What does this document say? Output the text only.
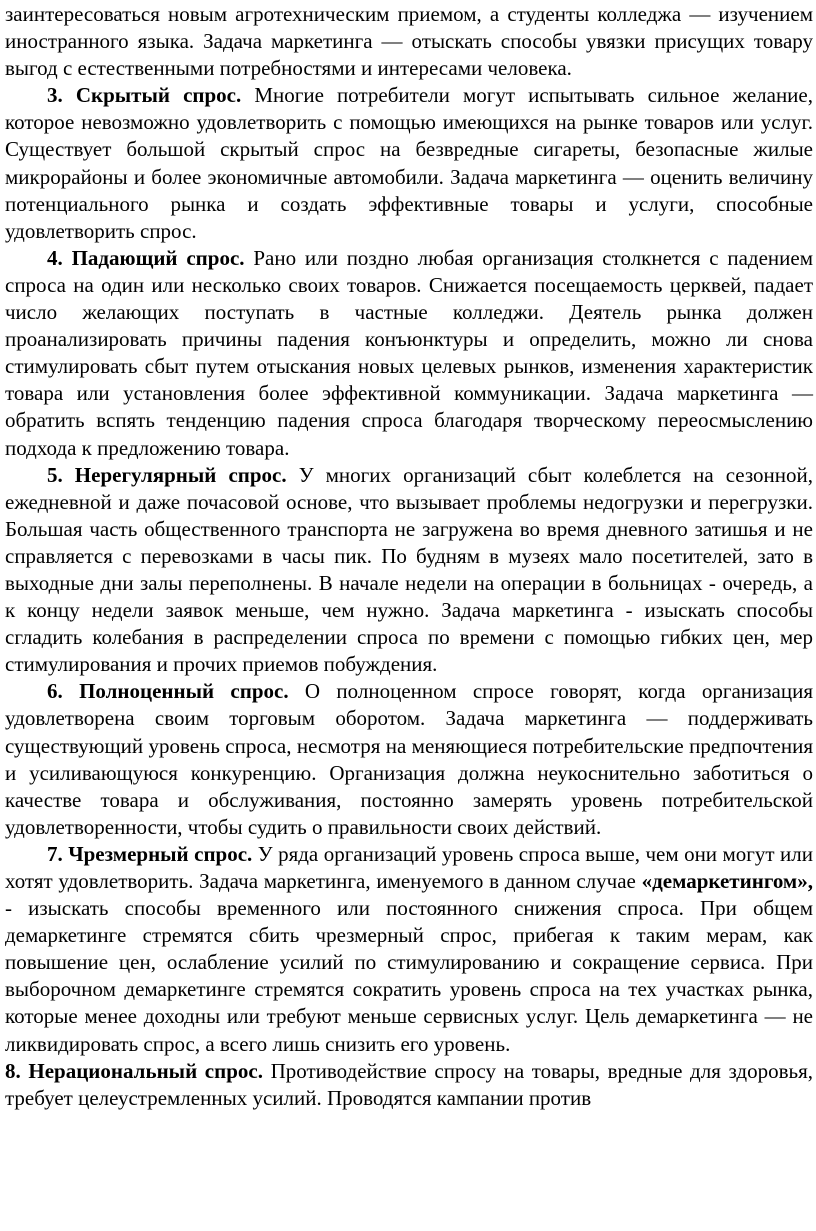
заинтересоваться новым агротехническим приемом, а студенты колледжа — изучением иностранного языка. Задача маркетинга — отыскать способы увязки присущих товару выгод с естественными потребностями и интересами человека.

3. Скрытый спрос. Многие потребители могут испытывать сильное желание, которое невозможно удовлетворить с помощью имеющихся на рынке товаров или услуг. Существует большой скрытый спрос на безвредные сигареты, безопасные жилые микрорайоны и более экономичные автомобили. Задача маркетинга — оценить величину потенциального рынка и создать эффективные товары и услуги, способные удовлетворить спрос.

4. Падающий спрос. Рано или поздно любая организация столкнется с падением спроса на один или несколько своих товаров. Снижается посещаемость церквей, падает число желающих поступать в частные колледжи. Деятель рынка должен проанализировать причины падения конъюнктуры и определить, можно ли снова стимулировать сбыт путем отыскания новых целевых рынков, изменения характеристик товара или установления более эффективной коммуникации. Задача маркетинга — обратить вспять тенденцию падения спроса благодаря творческому переосмыслению подхода к предложению товара.

5. Нерегулярный спрос. У многих организаций сбыт колеблется на сезонной, ежедневной и даже почасовой основе, что вызывает проблемы недогрузки и перегрузки. Большая часть общественного транспорта не загружена во время дневного затишья и не справляется с перевозками в часы пик. По будням в музеях мало посетителей, зато в выходные дни залы переполнены. В начале недели на операции в больницах - очередь, а к концу недели заявок меньше, чем нужно. Задача маркетинга - изыскать способы сгладить колебания в распределении спроса по времени с помощью гибких цен, мер стимулирования и прочих приемов побуждения.

6. Полноценный спрос. О полноценном спросе говорят, когда организация удовлетворена своим торговым оборотом. Задача маркетинга — поддерживать существующий уровень спроса, несмотря на меняющиеся потребительские предпочтения и усиливающуюся конкуренцию. Организация должна неукоснительно заботиться о качестве товара и обслуживания, постоянно замерять уровень потребительской удовлетворенности, чтобы судить о правильности своих действий.

7. Чрезмерный спрос. У ряда организаций уровень спроса выше, чем они могут или хотят удовлетворить. Задача маркетинга, именуемого в данном случае «демаркетингом», - изыскать способы временного или постоянного снижения спроса. При общем демаркетинге стремятся сбить чрезмерный спрос, прибегая к таким мерам, как повышение цен, ослабление усилий по стимулированию и сокращение сервиса. При выборочном демаркетинге стремятся сократить уровень спроса на тех участках рынка, которые менее доходны или требуют меньше сервисных услуг. Цель демаркетинга — не ликвидировать спрос, а всего лишь снизить его уровень.

8. Нерациональный спрос. Противодействие спросу на товары, вредные для здоровья, требует целеустремленных усилий. Проводятся кампании против
